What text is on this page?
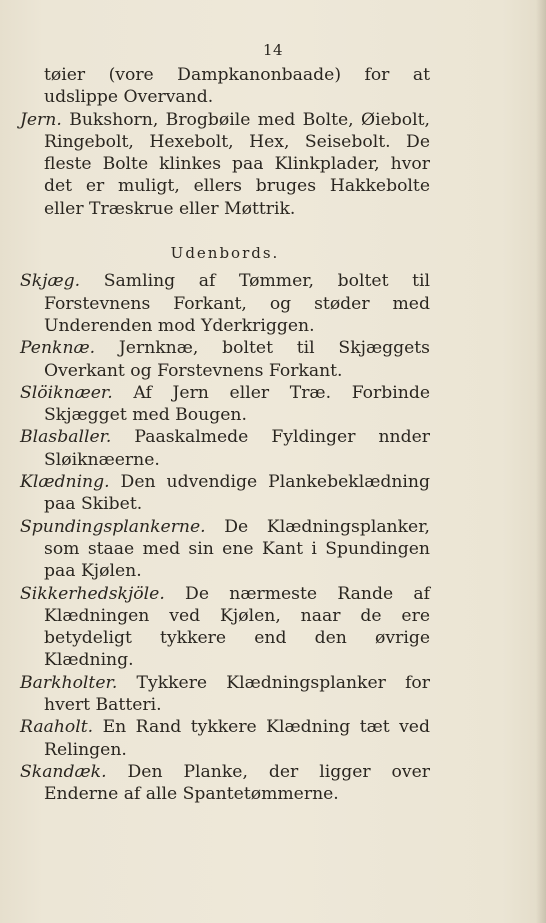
14

tøier (vore Dampkanonbaade) for at udslippe Overvand.

Jern. Bukshorn, Brogbøile med Bolte, Øiebolt, Ringebolt, Hexebolt, Hex, Seisebolt. De fleste Bolte klinkes paa Klinkplader, hvor det er muligt, ellers bruges Hakkebolte eller Træskrue eller Møttrik.

Udenbords.

Skjæg. Samling af Tømmer, boltet til Forstevnens Forkant, og støder med Underenden mod Yderkriggen.

Penknæ. Jernknæ, boltet til Skjæggets Overkant og Forstevnens Forkant.

Slöiknæer. Af Jern eller Træ. Forbinde Skjægget med Bougen.

Blasballer. Paaskalmede Fyldinger nnder Sløiknæerne.

Klædning. Den udvendige Plankebeklædning paa Skibet.

Spundingsplankerne. De Klædningsplanker, som staae med sin ene Kant i Spundingen paa Kjølen.

Sikkerhedskjöle. De nærmeste Rande af Klædningen ved Kjølen, naar de ere betydeligt tykkere end den øvrige Klædning.

Barkholter. Tykkere Klædningsplanker for hvert Batteri.

Raaholt. En Rand tykkere Klædning tæt ved Relingen.

Skandæk. Den Planke, der ligger over Enderne af alle Spantetømmerne.
